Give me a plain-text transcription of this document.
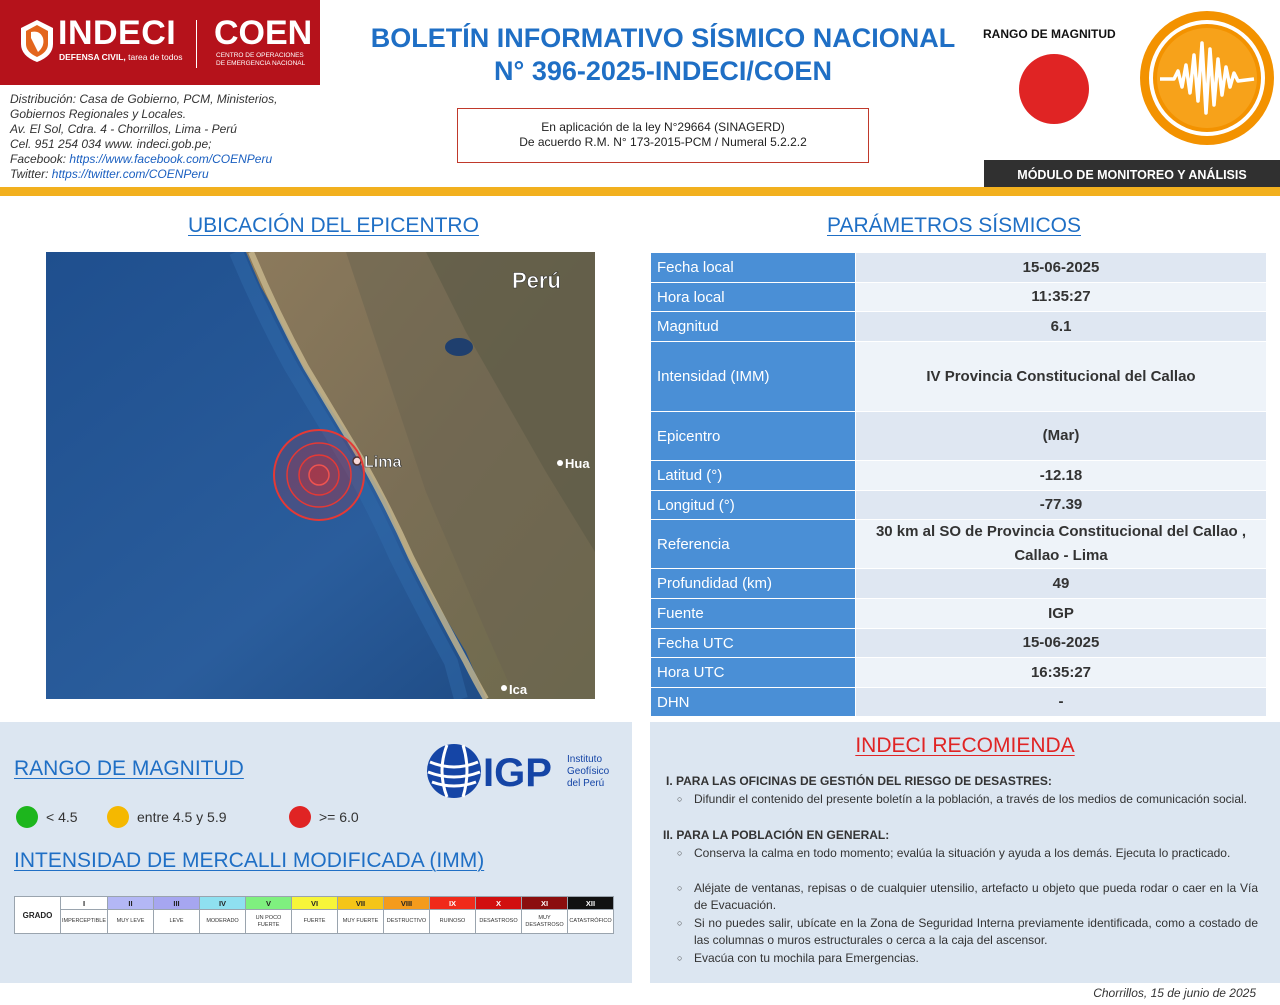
INDECI
DEFENSA CIVIL, tarea de todos
COEN
CENTRO DE OPERACIONES
DE EMERGENCIA NACIONAL
Distribución: Casa de Gobierno, PCM, Ministerios,
Gobiernos Regionales y Locales.
Av. El Sol, Cdra. 4 - Chorrillos, Lima - Perú
Cel. 951 254 034 www. indeci.gob.pe;
Facebook: https://www.facebook.com/COENPeru
Twitter: https://twitter.com/COENPeru
BOLETÍN INFORMATIVO SÍSMICO NACIONAL
N° 396-2025-INDECI/COEN
En aplicación de la ley N°29664 (SINAGERD)
De acuerdo R.M. N° 173-2015-PCM / Numeral 5.2.2.2
RANGO DE MAGNITUD
MÓDULO DE MONITOREO Y ANÁLISIS
UBICACIÓN DEL EPICENTRO
Perú
Lima	Hua
Ica
PARÁMETROS SÍSMICOS
Fecha local	15-06-2025
Hora local	11:35:27
Magnitud	6.1
Intensidad (IMM)	IV Provincia Constitucional del Callao
Epicentro	(Mar)
Latitud (°)	-12.18
Longitud (°)	-77.39
Referencia	30 km al SO de Provincia Constitucional del Callao , Callao - Lima
Profundidad (km)	49
Fuente	IGP
Fecha UTC	15-06-2025
Hora UTC	16:35:27
DHN	-
RANGO DE MAGNITUD
< 4.5	entre 4.5 y 5.9	>= 6.0
IGP Instituto
Geofísico
del Perú
INTENSIDAD DE MERCALLI MODIFICADA (IMM)
GRADO	I	II	III	IV	V	VI	VII	VIII	IX	X	XI	XII
	IMPERCEPTIBLE	MUY LEVE	LEVE	MODERADO	UN POCO FUERTE	FUERTE	MUY FUERTE	DESTRUCTIVO	RUINOSO	DESASTROSO	MUY DESASTROSO	CATASTRÓFICO
INDECI RECOMIENDA
I. PARA LAS OFICINAS DE GESTIÓN DEL RIESGO DE DESASTRES:
○ Difundir el contenido del presente boletín a la población, a través de los medios de comunicación social.
II. PARA LA POBLACIÓN EN GENERAL:
○ Conserva la calma en todo momento; evalúa la situación y ayuda a los demás. Ejecuta lo practicado.
○ Aléjate de ventanas, repisas o de cualquier utensilio, artefacto u objeto que pueda rodar o caer en la Vía de Evacuación.
○ Si no puedes salir, ubícate en la Zona de Seguridad Interna previamente identificada, como a costado de las columnas o muros estructurales o cerca a la caja del ascensor.
○ Evacúa con tu mochila para Emergencias.
Chorrillos, 15 de junio de 2025
